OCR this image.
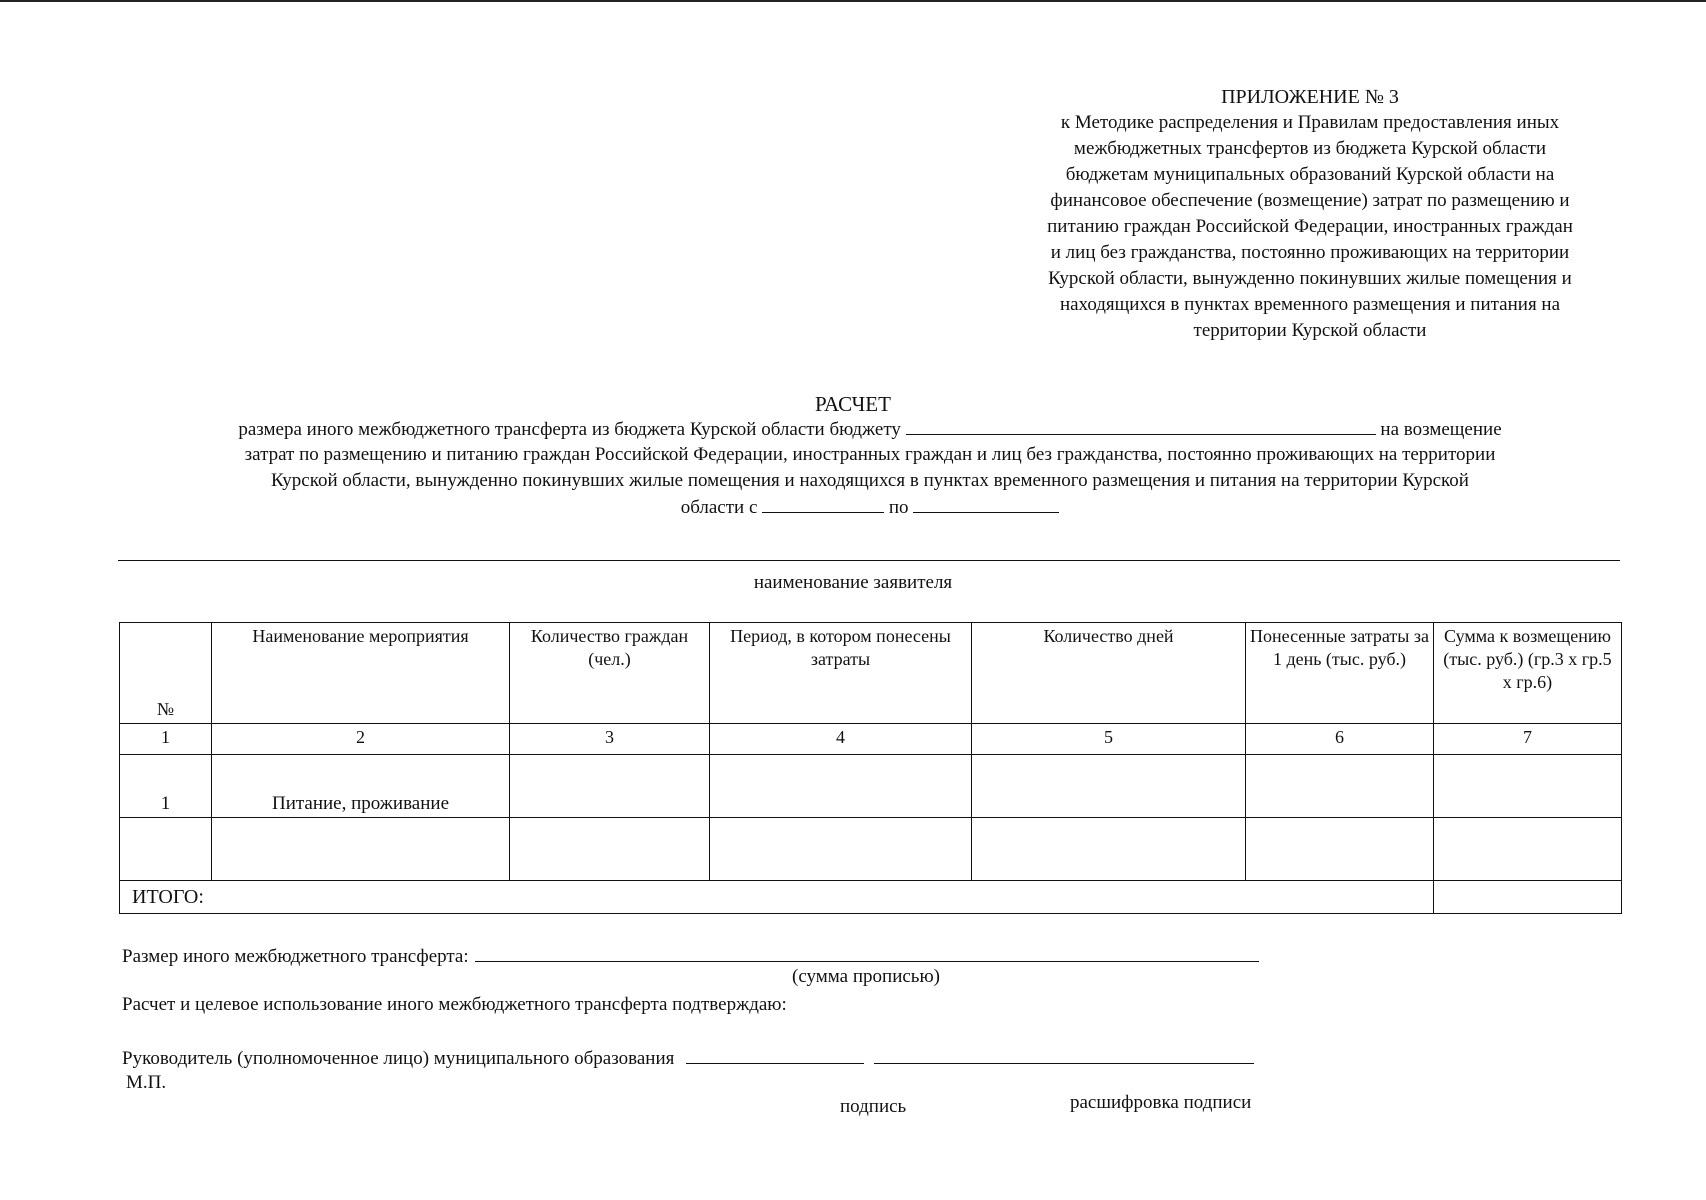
ПРИЛОЖЕНИЕ № 3
к Методике распределения и Правилам предоставления иных
межбюджетных трансфертов из бюджета Курской области
бюджетам муниципальных образований Курской области на
финансовое обеспечение (возмещение) затрат по размещению и
питанию граждан Российской Федерации, иностранных граждан
и лиц без гражданства, постоянно проживающих на территории
Курской области, вынужденно покинувших жилые помещения и
находящихся в пунктах временного размещения и питания на
территории Курской области
РАСЧЕТ
размера иного межбюджетного трансферта из бюджета Курской области бюджету	на возмещение
затрат по размещению и питанию граждан Российской Федерации, иностранных граждан и лиц без гражданства, постоянно проживающих на территории
Курской области, вынужденно покинувших жилые помещения и находящихся в пунктах временного размещения и питания на территории Курской
области с	по
наименование заявителя
№	Наименование мероприятия	Количество граждан (чел.)	Период, в котором понесены затраты	Количество дней	Понесенные затраты за 1 день (тыс. руб.)	Сумма к возмещению (тыс. руб.) (гр.3 x гр.5 x гр.6)
1	2	3	4	5	6	7
1	Питание, проживание					

ИТОГО:						
Размер иного межбюджетного трансферта:
(сумма прописью)
Расчет и целевое использование иного межбюджетного трансферта подтверждаю:
Руководитель (уполномоченное лицо) муниципального образования
М.П.
подпись	расшифровка подписи
